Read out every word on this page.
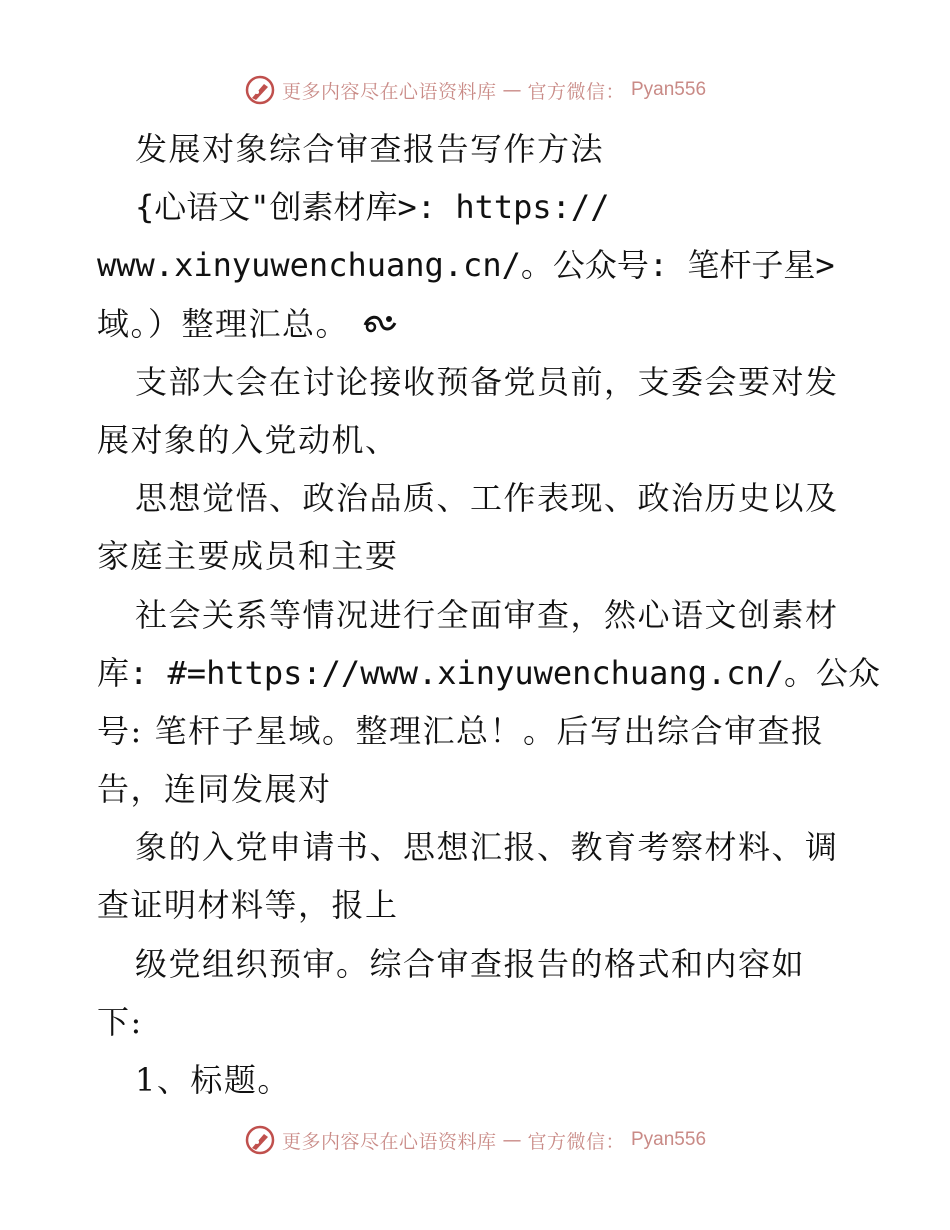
更多内容尽在心语资料库 — 官方微信： Pyan556
发展对象综合审查报告写作方法
{心语文"创素材库>: https://
www.xinyuwenchuang.cn/。公众号: 笔杆子星>
域。）整理汇总。
支部大会在讨论接收预备党员前，支委会要对发
展对象的入党动机、
思想觉悟、政治品质、工作表现、政治历史以及
家庭主要成员和主要
社会关系等情况进行全面审查，然心语文创素材
库: #=https://www.xinyuwenchuang.cn/。公众
号: 笔杆子星域。整理汇总！。后写出综合审查报
告，连同发展对
象的入党申请书、思想汇报、教育考察材料、调
查证明材料等，报上
级党组织预审。综合审查报告的格式和内容如
下:
1、标题。
更多内容尽在心语资料库 — 官方微信： Pyan556
